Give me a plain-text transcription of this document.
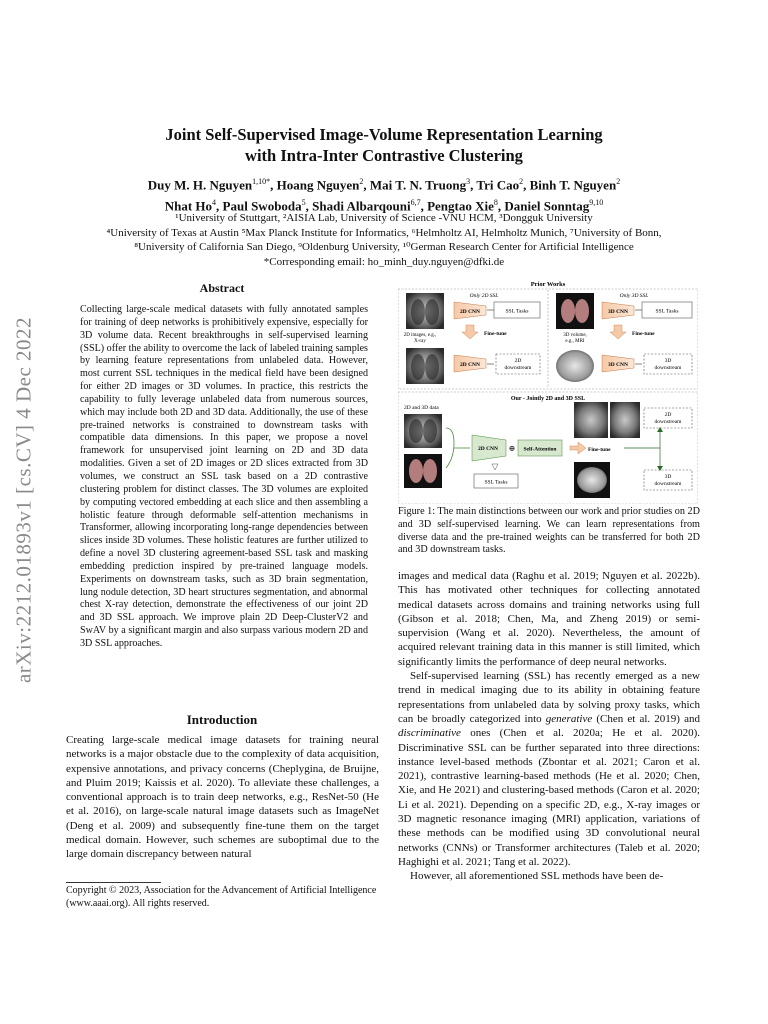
arXiv:2212.01893v1 [cs.CV] 4 Dec 2022
Joint Self-Supervised Image-Volume Representation Learning
with Intra-Inter Contrastive Clustering
Duy M. H. Nguyen$^{1,10*}$, Hoang Nguyen$^2$, Mai T. N. Truong$^3$, Tri Cao$^2$, Binh T. Nguyen$^2$
Nhat Ho$^4$, Paul Swoboda$^5$, Shadi Albarqouni$^{6,7}$, Pengtao Xie$^8$, Daniel Sonntag$^{9,10}$
¹University of Stuttgart, ²AISIA Lab, University of Science -VNU HCM, ³Dongguk University
⁴University of Texas at Austin ⁵Max Planck Institute for Informatics, ⁶Helmholtz AI, Helmholtz Munich, ⁷University of Bonn,
⁸University of California San Diego, ⁹Oldenburg University, ¹⁰German Research Center for Artificial Intelligence
*Corresponding email: ho_minh_duy.nguyen@dfki.de
Abstract
Collecting large-scale medical datasets with fully annotated samples for training of deep networks is prohibitively expensive, especially for 3D volume data. Recent breakthroughs in self-supervised learning (SSL) offer the ability to overcome the lack of labeled training samples by learning feature representations from unlabeled data. However, most current SSL techniques in the medical field have been designed for either 2D images or 3D volumes. In practice, this restricts the capability to fully leverage unlabeled data from numerous sources, which may include both 2D and 3D data. Additionally, the use of these pre-trained networks is constrained to downstream tasks with compatible data dimensions. In this paper, we propose a novel framework for unsupervised joint learning on 2D and 3D data modalities. Given a set of 2D images or 2D slices extracted from 3D volumes, we construct an SSL task based on a 2D contrastive clustering problem for distinct classes. The 3D volumes are exploited by computing vectored embedding at each slice and then assembling a holistic feature through deformable self-attention mechanisms in Transformer, allowing incorporating long-range dependencies between slices inside 3D volumes. These holistic features are further utilized to define a novel 3D clustering agreement-based SSL task and masking embedding prediction inspired by pre-trained language models. Experiments on downstream tasks, such as 3D brain segmentation, lung nodule detection, 3D heart structures segmentation, and abnormal chest X-ray detection, demonstrate the effectiveness of our joint 2D and 3D SSL approach. We improve plain 2D Deep-ClusterV2 and SwAV by a significant margin and also surpass various modern 2D and 3D SSL approaches.
Introduction

Creating large-scale medical image datasets for training neural networks is a major obstacle due to the complexity of data acquisition, expensive annotations, and privacy concerns (Cheplygina, de Bruijne, and Pluim 2019; Kaissis et al. 2020). To alleviate these challenges, a conventional approach is to train deep networks, e.g., ResNet-50 (He et al. 2016), on large-scale natural image datasets such as ImageNet (Deng et al. 2009) and subsequently fine-tune them on the target medical domain. However, such schemes are suboptimal due to the large domain discrepancy between natural

Copyright © 2023, Association for the Advancement of Artificial Intelligence (www.aaai.org). All rights reserved.
Prior Works
Only 2D SSL
2D CNN	SSL Tasks
2D images, e.g.,
X-ray
Fine-tune
2D CNN
2D
downstream
Only 3D SSL
3D CNN	SSL Tasks
3D volume,
e.g., MRI
Fine-tune
3D CNN
3D
downstream
Our - Jointly 2D and 3D SSL
2D and 3D data
2D CNN ⊕ Self-Attention
SSL Tasks
Fine-tune
2D
downstream
3D
downstream
Figure 1: The main distinctions between our work and prior studies on 2D and 3D self-supervised learning. We can learn representations from diverse data and the pre-trained weights can be transferred for both 2D and 3D downstream tasks.

images and medical data (Raghu et al. 2019; Nguyen et al. 2022b). This has motivated other techniques for collecting annotated medical datasets across domains and training networks using full (Gibson et al. 2018; Chen, Ma, and Zheng 2019) or semi-supervision (Wang et al. 2020). Nevertheless, the amount of acquired relevant training data in this manner is still limited, which significantly limits the performance of deep neural networks.

Self-supervised learning (SSL) has recently emerged as a new trend in medical imaging due to its ability in obtaining feature representations from unlabeled data by solving proxy tasks, which can be broadly categorized into generative (Chen et al. 2019) and discriminative ones (Chen et al. 2020a; He et al. 2020). Discriminative SSL can be further separated into three directions: instance level-based methods (Zbontar et al. 2021; Caron et al. 2021), contrastive learning-based methods (He et al. 2020; Chen, Xie, and He 2021) and clustering-based methods (Caron et al. 2020; Li et al. 2021). Depending on a specific 2D, e.g., X-ray images or 3D magnetic resonance imaging (MRI) application, variations of these methods can be modified using 3D convolutional neural networks (CNNs) or Transformer architectures (Taleb et al. 2020; Haghighi et al. 2021; Tang et al. 2022).

However, all aforementioned SSL methods have been de-
